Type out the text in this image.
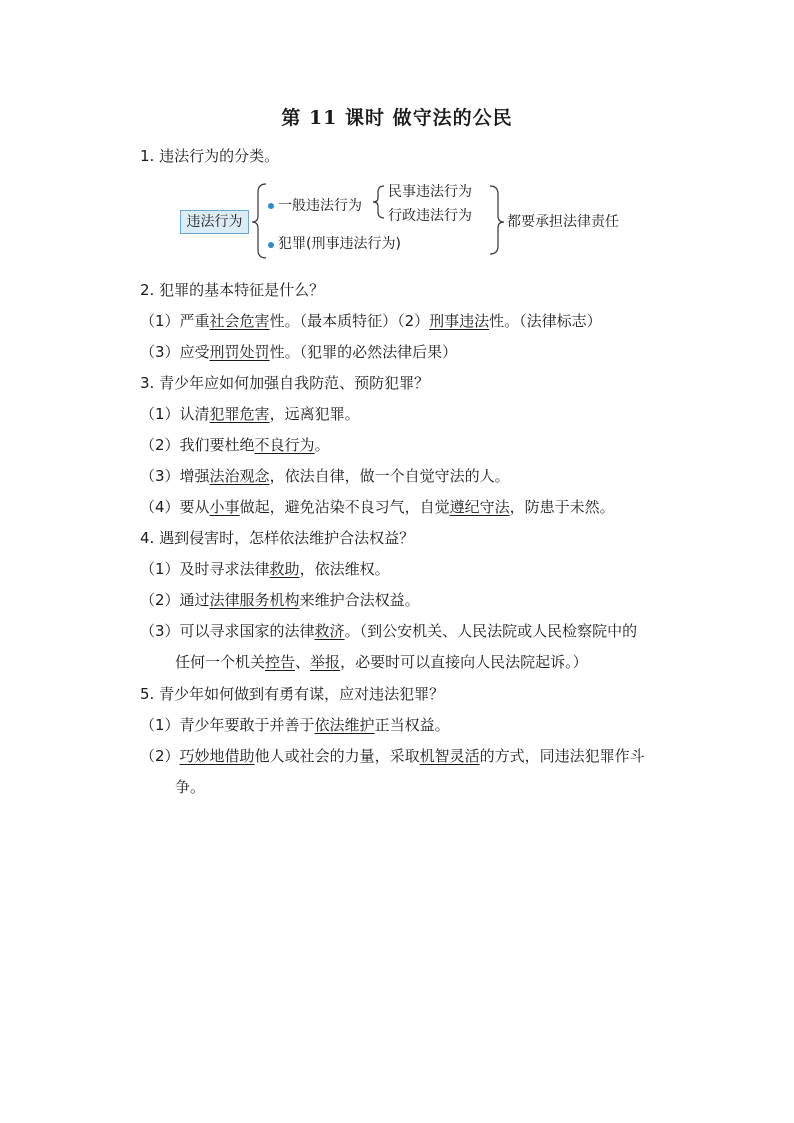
第 11 课时 做守法的公民
1. 违法行为的分类。
违法行为
一般违法行为
民事违法行为
行政违法行为
犯罪(刑事违法行为)
都要承担法律责任
2. 犯罪的基本特征是什么？
（1）严重社会危害性。（最本质特征）（2）刑事违法性。（法律标志）
（3）应受刑罚处罚性。（犯罪的必然法律后果）
3. 青少年应如何加强自我防范、预防犯罪？
（1）认清犯罪危害，远离犯罪。
（2）我们要杜绝不良行为。
（3）增强法治观念，依法自律，做一个自觉守法的人。
（4）要从小事做起，避免沾染不良习气，自觉遵纪守法，防患于未然。
4. 遇到侵害时，怎样依法维护合法权益？
（1）及时寻求法律救助，依法维权。
（2）通过法律服务机构来维护合法权益。
（3）可以寻求国家的法律救济。（到公安机关、人民法院或人民检察院中的
任何一个机关控告、举报，必要时可以直接向人民法院起诉。）
5. 青少年如何做到有勇有谋，应对违法犯罪？
（1）青少年要敢于并善于依法维护正当权益。
（2）巧妙地借助他人或社会的力量，采取机智灵活的方式，同违法犯罪作斗
争。
